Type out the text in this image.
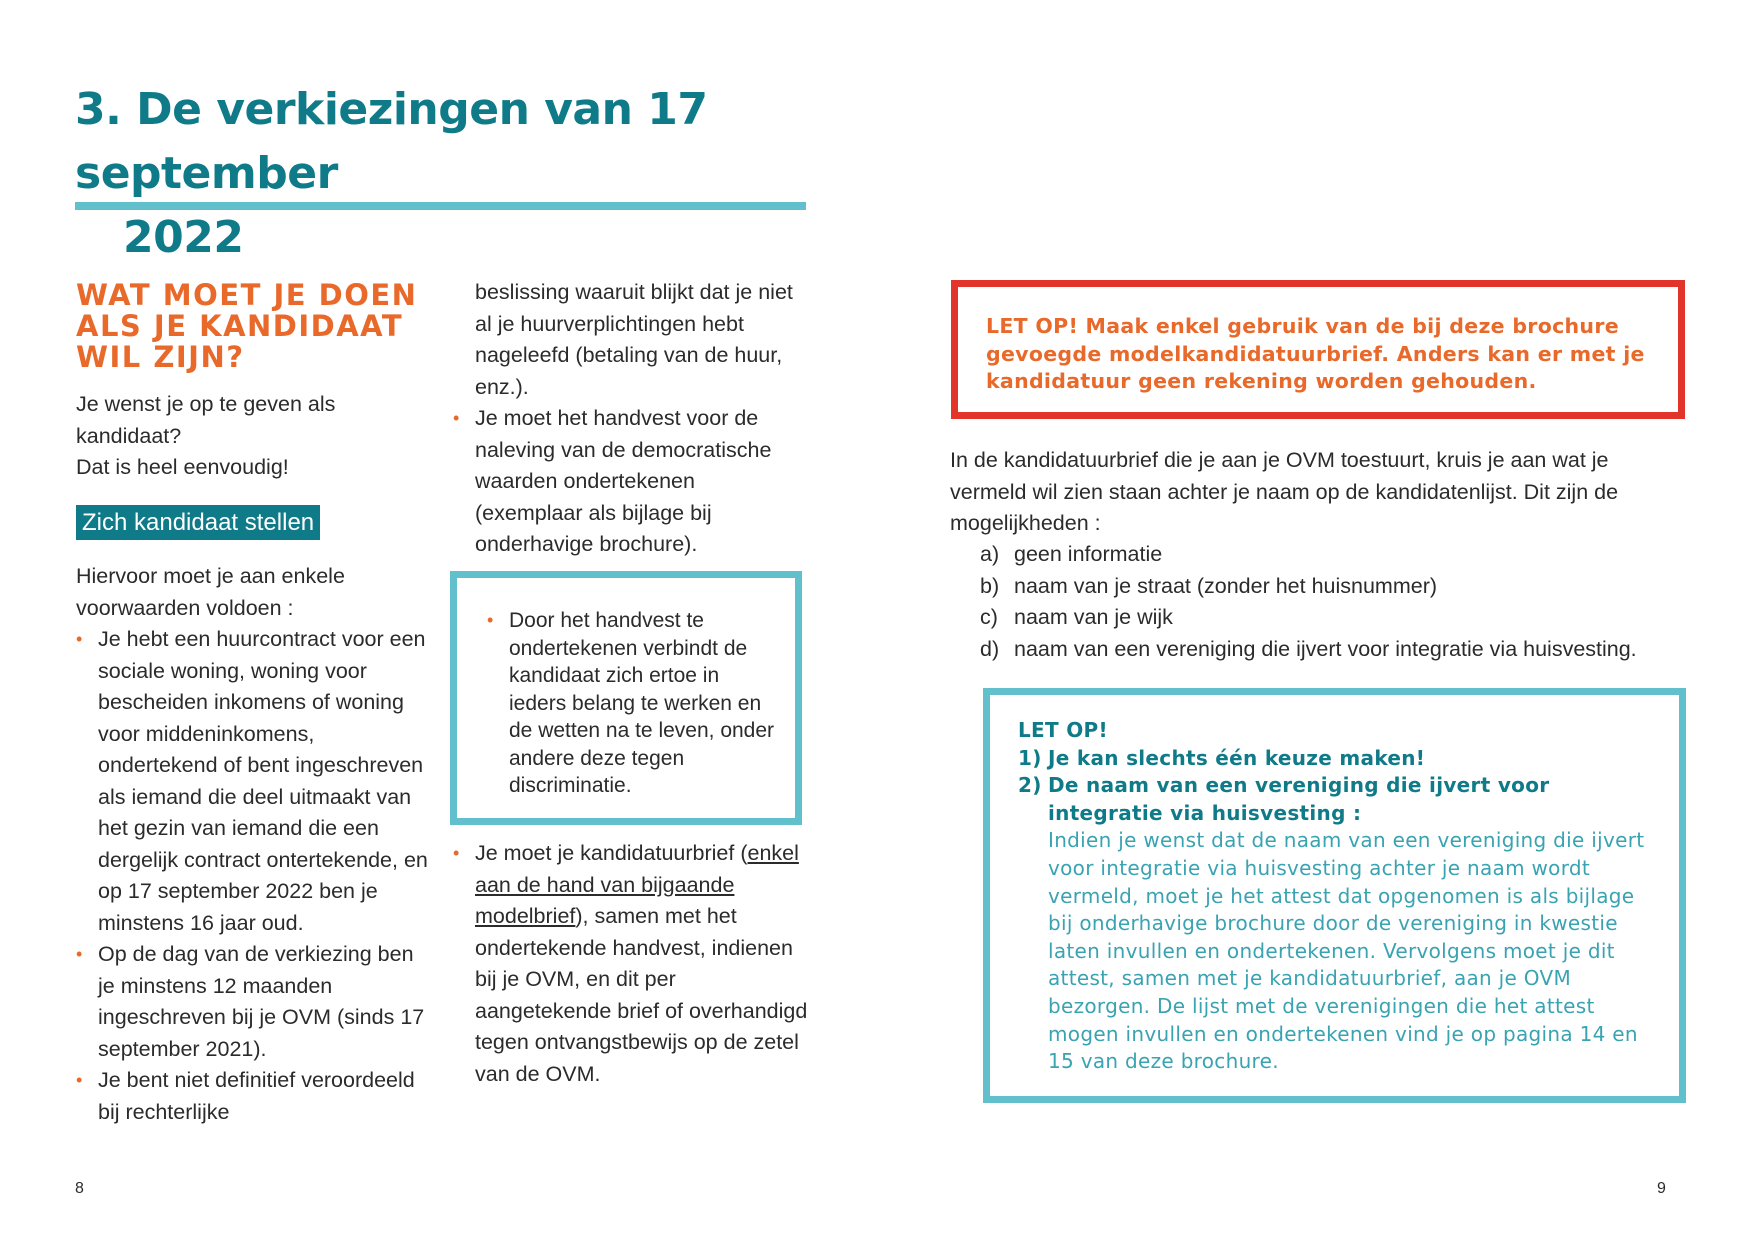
3. De verkiezingen van 17 september
2022
WAT MOET JE DOEN
ALS JE KANDIDAAT
WIL ZIJN?

Je wenst je op te geven als kandidaat?

Dat is heel eenvoudig!

Zich kandidaat stellen

Hiervoor moet je aan enkele voorwaarden voldoen :

• Je hebt een huurcontract voor een sociale woning, woning voor bescheiden inkomens of woning voor middeninkomens, ondertekend of bent ingeschreven als iemand die deel uitmaakt van het gezin van iemand die een dergelijk contract ontertekende, en op 17 september 2022 ben je minstens 16 jaar oud.
• Op de dag van de verkiezing ben je minstens 12 maanden ingeschreven bij je OVM (sinds 17 september 2021).
• Je bent niet definitief veroordeeld bij rechterlijke

beslissing waaruit blijkt dat je niet al je huurverplichtingen hebt nageleefd (betaling van de huur, enz.).

• Je moet het handvest voor de naleving van de democratische waarden ondertekenen (exemplaar als bijlage bij onderhavige brochure).
• Door het handvest te ondertekenen verbindt de kandidaat zich ertoe in ieders belang te werken en de wetten na te leven, onder andere deze tegen discriminatie.
• Je moet je kandidatuurbrief (enkel aan de hand van bijgaande modelbrief), samen met het ondertekende handvest, indienen bij je OVM, en dit per aangetekende brief of overhandigd tegen ontvangstbewijs op de zetel van de OVM.

LET OP! Maak enkel gebruik van de bij deze brochure gevoegde modelkandidatuurbrief. Anders kan er met je kandidatuur geen rekening worden gehouden.

In de kandidatuurbrief die je aan je OVM toestuurt, kruis je aan wat je vermeld wil zien staan achter je naam op de kandidatenlijst. Dit zijn de mogelijkheden :

a) geen informatie
b) naam van je straat (zonder het huisnummer)
c) naam van je wijk
d) naam van een vereniging die ijvert voor integratie via huisvesting.
LET OP!
1) Je kan slechts één keuze maken!
2) De naam van een vereniging die ijvert voor integratie via huisvesting :
Indien je wenst dat de naam van een vereniging die ijvert voor integratie via huisvesting achter je naam wordt vermeld, moet je het attest dat opgenomen is als bijlage bij onderhavige brochure door de vereniging in kwestie laten invullen en ondertekenen. Vervolgens moet je dit attest, samen met je kandidatuurbrief, aan je OVM bezorgen. De lijst met de verenigingen die het attest mogen invullen en ondertekenen vind je op pagina 14 en 15 van deze brochure.
8	9
